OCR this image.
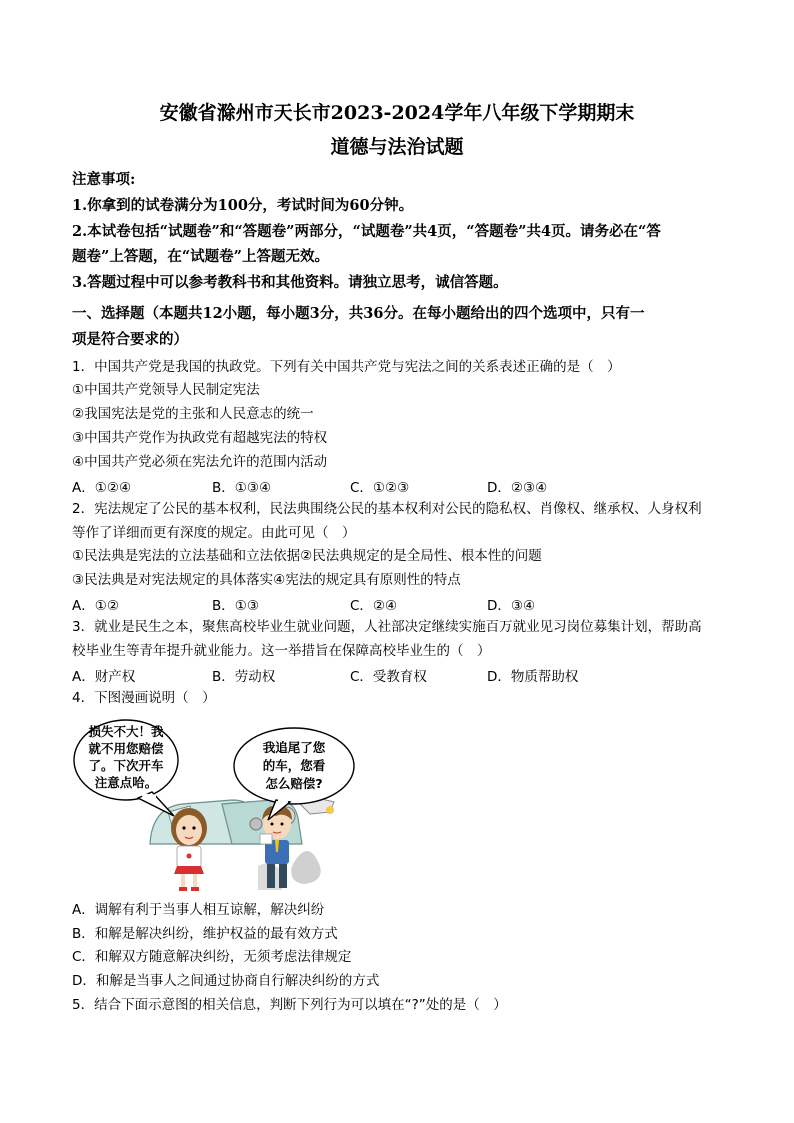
安徽省滁州市天长市2023-2024学年八年级下学期期末
道德与法治试题
注意事项:
1.你拿到的试卷满分为100分，考试时间为60分钟。
2.本试卷包括“试题卷”和“答题卷”两部分，“试题卷”共4页，“答题卷”共4页。请务必在“答
题卷”上答题，在“试题卷”上答题无效。
3.答题过程中可以参考教科书和其他资料。请独立思考，诚信答题。
一、选择题（本题共12小题，每小题3分，共36分。在每小题给出的四个选项中，只有一
项是符合要求的）
1．中国共产党是我国的执政党。下列有关中国共产党与宪法之间的关系表述正确的是（　）
①中国共产党领导人民制定宪法
②我国宪法是党的主张和人民意志的统一
③中国共产党作为执政党有超越宪法的特权
④中国共产党必须在宪法允许的范围内活动
A．①②④	B．①③④	C．①②③	D．②③④
2．宪法规定了公民的基本权利，民法典围绕公民的基本权利对公民的隐私权、肖像权、继承权、人身权利
等作了详细而更有深度的规定。由此可见（　）
①民法典是宪法的立法基础和立法依据②民法典规定的是全局性、根本性的问题
③民法典是对宪法规定的具体落实④宪法的规定具有原则性的特点
A．①②	B．①③	C．②④	D．③④
3．就业是民生之本，聚焦高校毕业生就业问题，人社部决定继续实施百万就业见习岗位募集计划，帮助高
校毕业生等青年提升就业能力。这一举措旨在保障高校毕业生的（　）
A．财产权	B．劳动权	C．受教育权	D．物质帮助权
4．下图漫画说明（　）
损失不大！我
就不用您赔偿
了。下次开车
注意点哈。
我追尾了您
的车，您看
怎么赔偿?
A．调解有利于当事人相互谅解，解决纠纷
B．和解是解决纠纷，维护权益的最有效方式
C．和解双方随意解决纠纷，无须考虑法律规定
D．和解是当事人之间通过协商自行解决纠纷的方式
5．结合下面示意图的相关信息，判断下列行为可以填在“?”处的是（　）
